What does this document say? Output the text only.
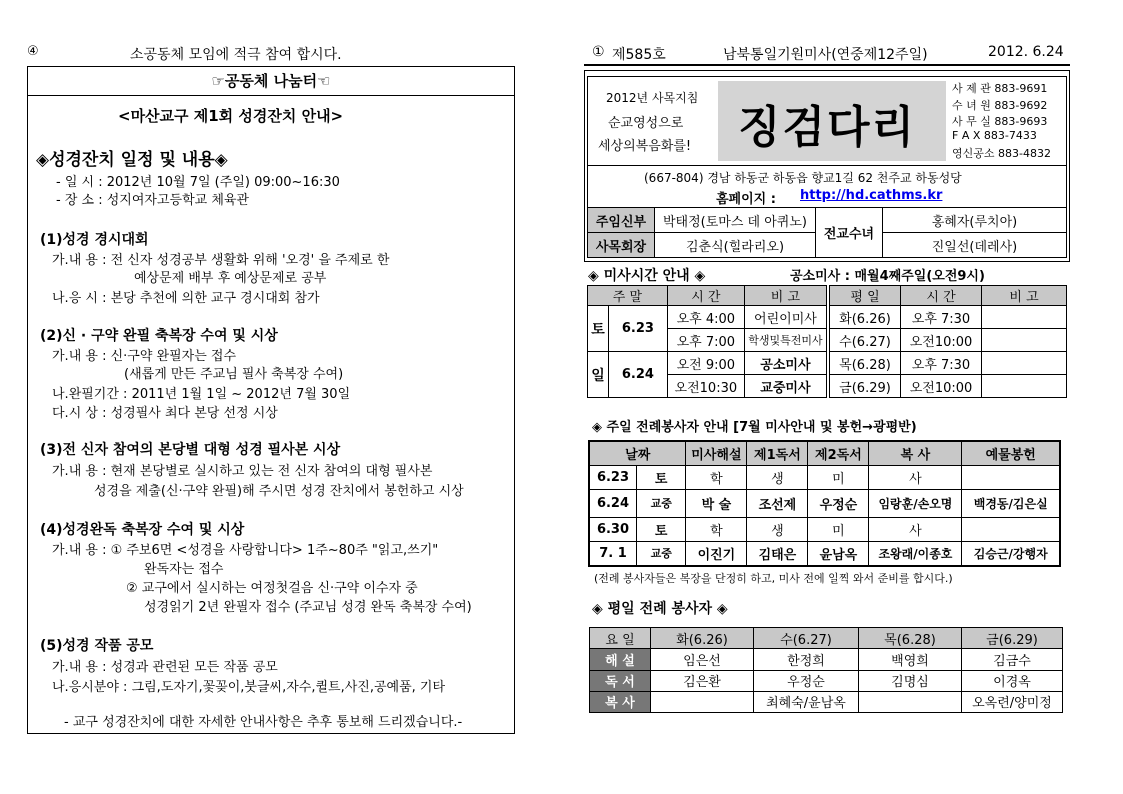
④	소공동체 모임에 적극 참여 합시다.
☞공동체 나눔터☜
<마산교구 제1회 성경잔치 안내>
◈성경잔치 일정 및 내용◈
- 일 시 : 2012년 10월 7일 (주일) 09:00~16:30
- 장 소 : 성지여자고등학교 체육관
(1)성경 경시대회
가.내 용 : 전 신자 성경공부 생활화 위해 '오경' 을 주제로 한
예상문제 배부 후 예상문제로 공부
나.응 시 : 본당 추천에 의한 교구 경시대회 참가
(2)신 · 구약 완필 축복장 수여 및 시상
가.내 용 : 신·구약 완필자는 접수
(새롭게 만든 주교님 필사 축복장 수여)
나.완필기간 : 2011년 1월 1일 ~ 2012년 7월 30일
다.시 상 : 성경필사 최다 본당 선정 시상
(3)전 신자 참여의 본당별 대형 성경 필사본 시상
가.내 용 : 현재 본당별로 실시하고 있는 전 신자 참여의 대형 필사본
성경을 제출(신·구약 완필)해 주시면 성경 잔치에서 봉헌하고 시상
(4)성경완독 축복장 수여 및 시상
가.내 용 : ① 주보6면 <성경을 사랑합니다> 1주~80주 "읽고,쓰기"
완독자는 접수
② 교구에서 실시하는 여정첫걸음 신·구약 이수자 중
성경읽기 2년 완필자 접수 (주교님 성경 완독 축복장 수여)
(5)성경 작품 공모
가.내 용 : 성경과 관련된 모든 작품 공모
나.응시분야 : 그림,도자기,꽃꽂이,붓글씨,자수,퀼트,사진,공예품, 기타
- 교구 성경잔치에 대한 자세한 안내사항은 추후 통보해 드리겠습니다.-
① 제585호	남북통일기원미사(연중제12주일)	2012. 6.24
2012년 사목지침
순교영성으로
세상의복음화를! 징검다리
사 제 관 883-9691
수 녀 원 883-9692
사 무 실 883-9693
F A X 883-7433
영신공소 883-4832
(667-804) 경남 하동군 하동읍 향교1길 62 천주교 하동성당
홈페이지 : http://hd.cathms.kr
주임신부	박태정(토마스 데 아퀴노)	전교수녀	홍혜자(루치아)
사목회장	김춘식(힐라리오)		진일선(데레사)
◈ 미사시간 안내 ◈	공소미사 : 매월4째주일(오전9시)
주 말		시 간	비 고
토	6.23	오후 4:00	어린이미사
		오후 7:00	학생및특전미사
일	6.24	오전 9:00	공소미사
		오전10:30	교중미사
평 일	시 간	비 고
화(6.26)	오후 7:30	
수(6.27)	오전10:00	
목(6.28)	오후 7:30	
금(6.29)	오전10:00	
◈ 주일 전례봉사자 안내 [7월 미사안내 및 봉헌→광평반)
날짜		미사해설	제1독서	제2독서	복 사	예물봉헌
6.23	토	학	생	미	사	
6.24	교중	박 술	조선제	우정순	임랑훈/손오명	백경동/김은실
6.30	토	학	생	미	사	
7. 1	교중	이진기	김태은	윤남옥	조왕래/이종호	김승근/강행자
(전례 봉사자들은 복장을 단정히 하고, 미사 전에 일찍 와서 준비를 합시다.)
◈ 평일 전례 봉사자 ◈
요 일	화(6.26)	수(6.27)	목(6.28)	금(6.29)
해 설	임은선	한정희	백영희	김금수
독 서	김은환	우정순	김명심	이경옥
복 사		최혜숙/윤남옥		오옥련/양미정
